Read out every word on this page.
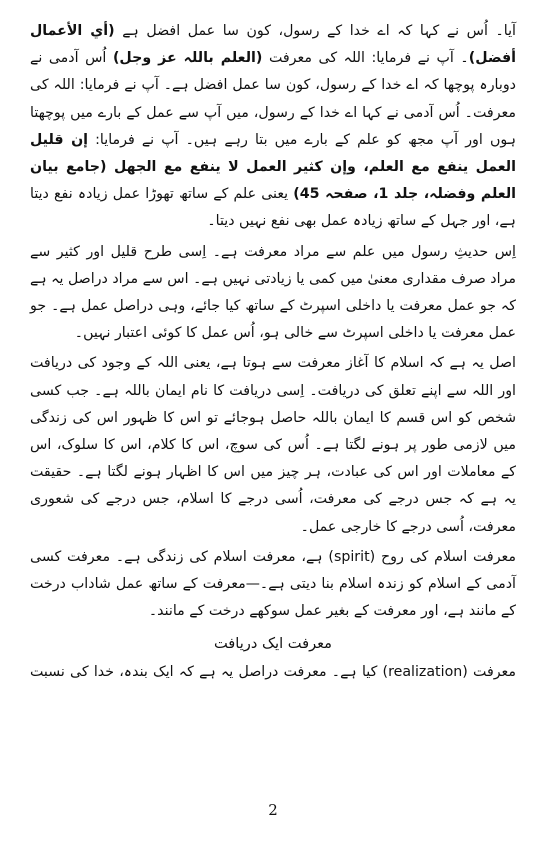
آیا۔ اُس نے کہا کہ اے خدا کے رسول، کون سا عمل افضل ہے (أي الأعمال أفضل)۔ آپ نے فرمایا: اللہ کی معرفت (العلم باللہ عز وجل) اُس آدمی نے دوبارہ پوچھا کہ اے خدا کے رسول، کون سا عمل افضل ہے۔ آپ نے فرمایا: اللہ کی معرفت۔ اُس آدمی نے کہا اے خدا کے رسول، میں آپ سے عمل کے بارے میں پوچھتا ہوں اور آپ مجھ کو علم کے بارے میں بتا رہے ہیں۔ آپ نے فرمایا: إن قلیل العمل ینفع مع العلم، وإن کثیر العمل لا ینفع مع الجھل (جامع بیان العلم وفضلہ، جلد 1، صفحہ 45) یعنی علم کے ساتھ تھوڑا عمل زیادہ نفع دیتا ہے، اور جہل کے ساتھ زیادہ عمل بھی نفع نہیں دیتا۔

اِس حدیثِ رسول میں علم سے مراد معرفت ہے۔ اِسی طرح قلیل اور کثیر سے مراد صرف مقداری معنیٰ میں کمی یا زیادتی نہیں ہے۔ اس سے مراد دراصل یہ ہے کہ جو عمل معرفت یا داخلی اسپرٹ کے ساتھ کیا جائے، وہی دراصل عمل ہے۔ جو عمل معرفت یا داخلی اسپرٹ سے خالی ہو، اُس عمل کا کوئی اعتبار نہیں۔

اصل یہ ہے کہ اسلام کا آغاز معرفت سے ہوتا ہے، یعنی اللہ کے وجود کی دریافت اور اللہ سے اپنے تعلق کی دریافت۔ اِسی دریافت کا نام ایمان باللہ ہے۔ جب کسی شخص کو اس قسم کا ایمان باللہ حاصل ہوجائے تو اس کا ظہور اس کی زندگی میں لازمی طور پر ہونے لگتا ہے۔ اُس کی سوچ، اس کا کلام، اس کا سلوک، اس کے معاملات اور اس کی عبادت، ہر چیز میں اس کا اظہار ہونے لگتا ہے۔ حقیقت یہ ہے کہ جس درجے کی معرفت، اُسی درجے کا اسلام، جس درجے کی شعوری معرفت، اُسی درجے کا خارجی عمل۔

معرفت اسلام کی روح (spirit) ہے، معرفت اسلام کی زندگی ہے۔ معرفت کسی آدمی کے اسلام کو زندہ اسلام بنا دیتی ہے۔—معرفت کے ساتھ عمل شاداب درخت کے مانند ہے، اور معرفت کے بغیر عمل سوکھے درخت کے مانند۔

معرفت ایک دریافت
معرفت (realization) کیا ہے۔ معرفت دراصل یہ ہے کہ ایک بندہ، خدا کی نسبت
2
